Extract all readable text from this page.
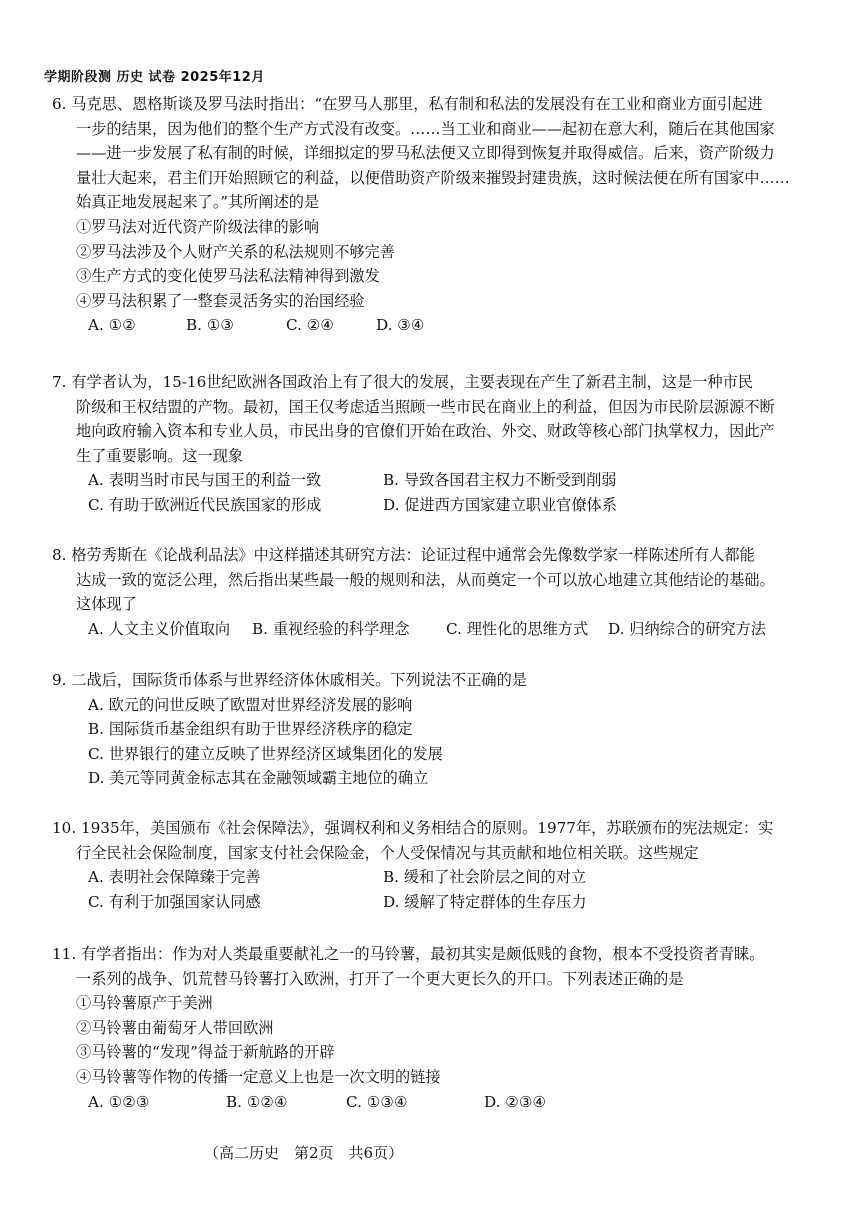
学期阶段测 历史 试卷 2025年12月
6. 马克思、恩格斯谈及罗马法时指出：“在罗马人那里，私有制和私法的发展没有在工业和商业方面引起进
一步的结果，因为他们的整个生产方式没有改变。……当工业和商业——起初在意大利，随后在其他国家
——进一步发展了私有制的时候，详细拟定的罗马私法便又立即得到恢复并取得威信。后来，资产阶级力
量壮大起来，君主们开始照顾它的利益，以便借助资产阶级来摧毁封建贵族，这时候法便在所有国家中……
始真正地发展起来了。”其所阐述的是
①罗马法对近代资产阶级法律的影响
②罗马法涉及个人财产关系的私法规则不够完善
③生产方式的变化使罗马法私法精神得到激发
④罗马法积累了一整套灵活务实的治国经验
A. ①②	B. ①③	C. ②④	D. ③④
7. 有学者认为，15-16世纪欧洲各国政治上有了很大的发展，主要表现在产生了新君主制，这是一种市民
阶级和王权结盟的产物。最初，国王仅考虑适当照顾一些市民在商业上的利益，但因为市民阶层源源不断
地向政府输入资本和专业人员，市民出身的官僚们开始在政治、外交、财政等核心部门执掌权力，因此产
生了重要影响。这一现象
A. 表明当时市民与国王的利益一致	B. 导致各国君主权力不断受到削弱
C. 有助于欧洲近代民族国家的形成	D. 促进西方国家建立职业官僚体系
8. 格劳秀斯在《论战利品法》中这样描述其研究方法：论证过程中通常会先像数学家一样陈述所有人都能
达成一致的宽泛公理，然后指出某些最一般的规则和法，从而奠定一个可以放心地建立其他结论的基础。
这体现了
A. 人文主义价值取向	B. 重视经验的科学理念	C. 理性化的思维方式	D. 归纳综合的研究方法
9. 二战后，国际货币体系与世界经济体休戚相关。下列说法不正确的是
A. 欧元的问世反映了欧盟对世界经济发展的影响
B. 国际货币基金组织有助于世界经济秩序的稳定
C. 世界银行的建立反映了世界经济区域集团化的发展
D. 美元等同黄金标志其在金融领域霸主地位的确立
10. 1935年，美国颁布《社会保障法》，强调权利和义务相结合的原则。1977年，苏联颁布的宪法规定：实
行全民社会保险制度，国家支付社会保险金，个人受保情况与其贡献和地位相关联。这些规定
A. 表明社会保障臻于完善	B. 缓和了社会阶层之间的对立
C. 有利于加强国家认同感	D. 缓解了特定群体的生存压力
11. 有学者指出：作为对人类最重要献礼之一的马铃薯，最初其实是颇低贱的食物，根本不受投资者青睐。
一系列的战争、饥荒替马铃薯打入欧洲，打开了一个更大更长久的开口。下列表述正确的是
①马铃薯原产于美洲
②马铃薯由葡萄牙人带回欧洲
③马铃薯的“发现”得益于新航路的开辟
④马铃薯等作物的传播一定意义上也是一次文明的链接
A. ①②③	B. ①②④	C. ①③④	D. ②③④
（高二历史　第2页　共6页）
